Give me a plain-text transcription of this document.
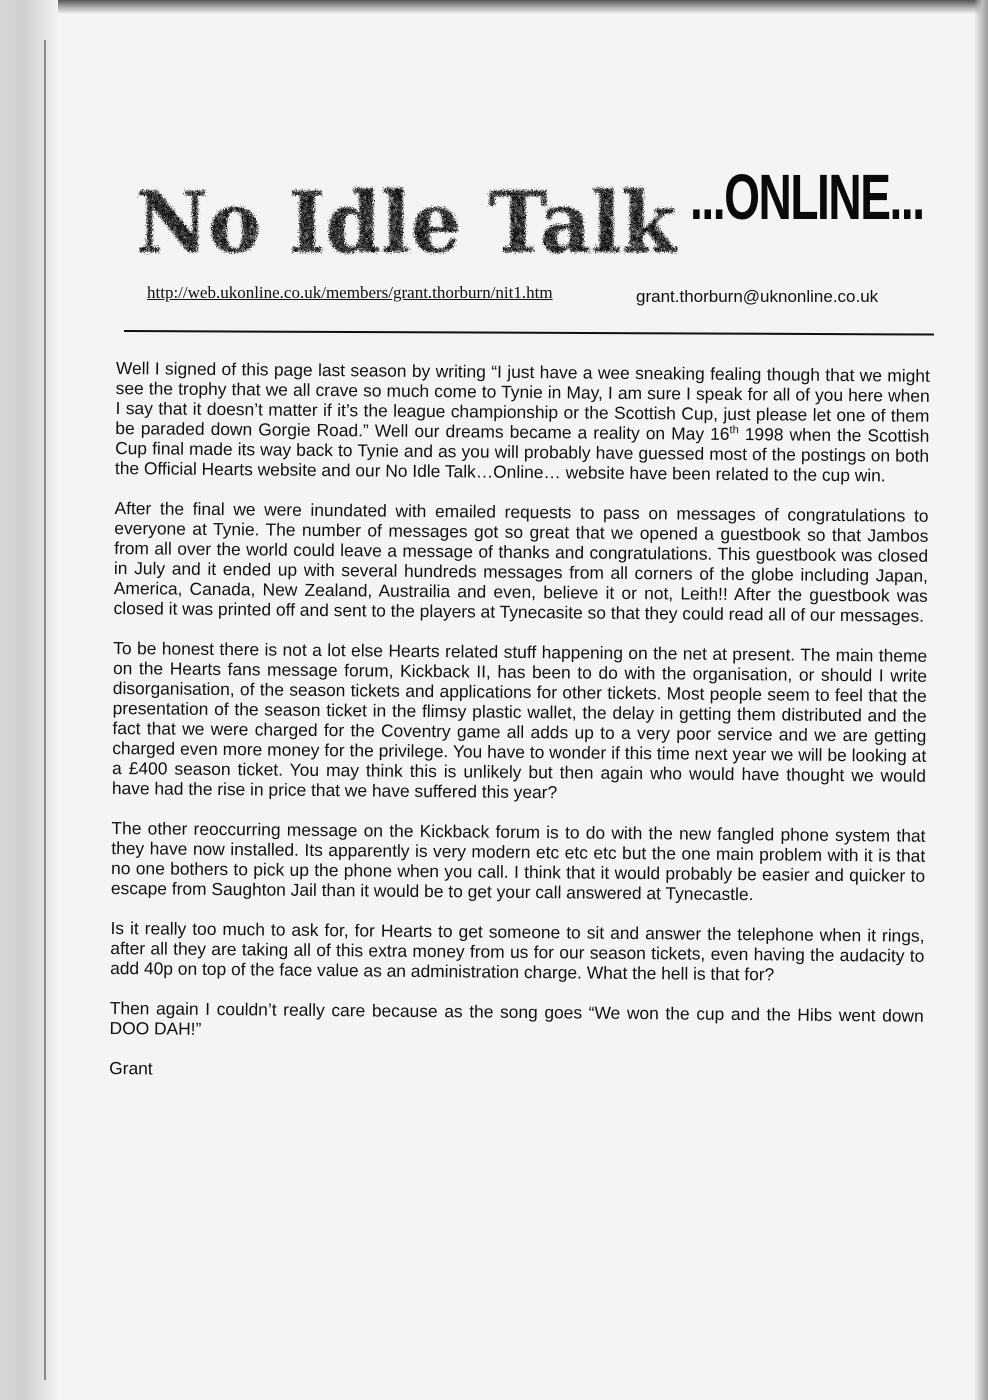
No Idle Talk ...ONLINE...
http://web.ukonline.co.uk/members/grant.thorburn/nit1.htm	grant.thorburn@uknonline.co.uk

Well I signed of this page last season by writing “I just have a wee sneaking fealing though that we might see the trophy that we all crave so much come to Tynie in May, I am sure I speak for all of you here when I say that it doesn’t matter if it’s the league championship or the Scottish Cup, just please let one of them be paraded down Gorgie Road.” Well our dreams became a reality on May 16th 1998 when the Scottish Cup final made its way back to Tynie and as you will probably have guessed most of the postings on both the Official Hearts website and our No Idle Talk…Online… website have been related to the cup win.

After the final we were inundated with emailed requests to pass on messages of congratulations to everyone at Tynie. The number of messages got so great that we opened a guestbook so that Jambos from all over the world could leave a message of thanks and congratulations. This guestbook was closed in July and it ended up with several hundreds messages from all corners of the globe including Japan, America, Canada, New Zealand, Austrailia and even, believe it or not, Leith!! After the guestbook was closed it was printed off and sent to the players at Tynecasite so that they could read all of our messages.

To be honest there is not a lot else Hearts related stuff happening on the net at present. The main theme on the Hearts fans message forum, Kickback II, has been to do with the organisation, or should I write disorganisation, of the season tickets and applications for other tickets. Most people seem to feel that the presentation of the season ticket in the flimsy plastic wallet, the delay in getting them distributed and the fact that we were charged for the Coventry game all adds up to a very poor service and we are getting charged even more money for the privilege. You have to wonder if this time next year we will be looking at a £400 season ticket. You may think this is unlikely but then again who would have thought we would have had the rise in price that we have suffered this year?

The other reoccurring message on the Kickback forum is to do with the new fangled phone system that they have now installed. Its apparently is very modern etc etc etc but the one main problem with it is that no one bothers to pick up the phone when you call. I think that it would probably be easier and quicker to escape from Saughton Jail than it would be to get your call answered at Tynecastle.

Is it really too much to ask for, for Hearts to get someone to sit and answer the telephone when it rings, after all they are taking all of this extra money from us for our season tickets, even having the audacity to add 40p on top of the face value as an administration charge. What the hell is that for?

Then again I couldn’t really care because as the song goes “We won the cup and the Hibs went down DOO DAH!”

Grant
